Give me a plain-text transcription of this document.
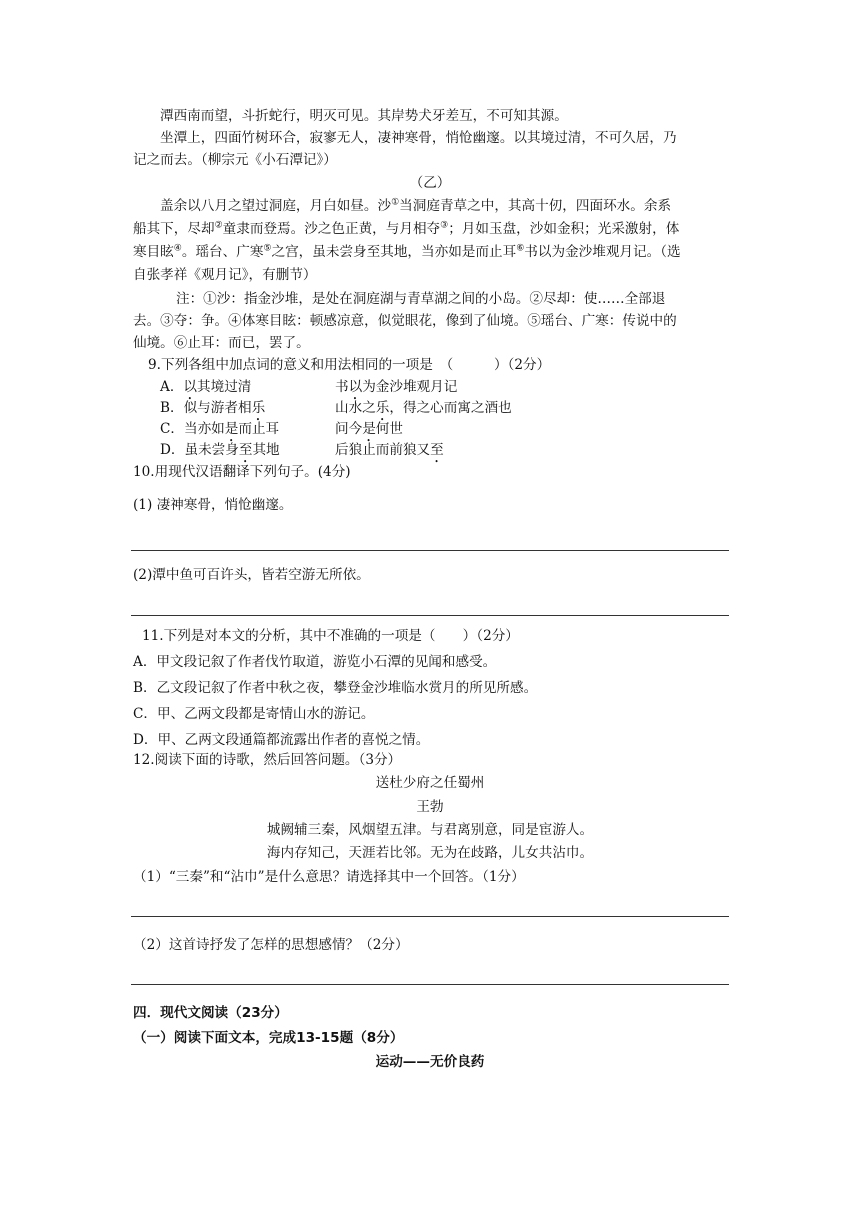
潭西南而望，斗折蛇行，明灭可见。其岸势犬牙差互，不可知其源。
坐潭上，四面竹树环合，寂寥无人，凄神寒骨，悄怆幽邃。以其境过清，不可久居，乃
记之而去。（柳宗元《小石潭记》）
（乙）
盖余以八月之望过洞庭，月白如昼。沙①当洞庭青草之中，其高十仞，四面环水。余系
船其下，尽却②童隶而登焉。沙之色正黄，与月相夺③；月如玉盘，沙如金积；光采激射，体
寒目眩④。瑶台、广寒⑤之宫，虽未尝身至其地，当亦如是而止耳⑥书以为金沙堆观月记。（选
自张孝祥《观月记》，有删节）
注：①沙：指金沙堆，是处在洞庭湖与青草湖之间的小岛。②尽却：使……全部退
去。③夺：争。④体寒目眩：顿感凉意，似觉眼花，像到了仙境。⑤瑶台、广寒：传说中的
仙境。⑥止耳：而已，罢了。
9.下列各组中加点词的意义和用法相同的一项是　（　　　）（2分）
A．以其境过清	书以为金沙堆观月记
B．似与游者相乐	山水之乐，得之心而寓之酒也
C．当亦如是而止耳	问今是何世
D．虽未尝身至其地	后狼止而前狼又至
10.用现代汉语翻译下列句子。(4分)
(1) 凄神寒骨，悄怆幽邃。
(2)潭中鱼可百许头，皆若空游无所依。
11.下列是对本文的分析，其中不准确的一项是（　　）（2分）
A．甲文段记叙了作者伐竹取道，游览小石潭的见闻和感受。
B．乙文段记叙了作者中秋之夜，攀登金沙堆临水赏月的所见所感。
C．甲、乙两文段都是寄情山水的游记。
D．甲、乙两文段通篇都流露出作者的喜悦之情。
12.阅读下面的诗歌，然后回答问题。（3分）
送杜少府之任蜀州
王勃
城阙辅三秦，风烟望五津。与君离别意，同是宦游人。
海内存知己，天涯若比邻。无为在歧路，儿女共沾巾。
（1）“三秦”和“沾巾”是什么意思？请选择其中一个回答。（1分）
（2）这首诗抒发了怎样的思想感情？（2分）
四．现代文阅读（23分）
（一）阅读下面文本，完成13-15题（8分）
运动——无价良药
